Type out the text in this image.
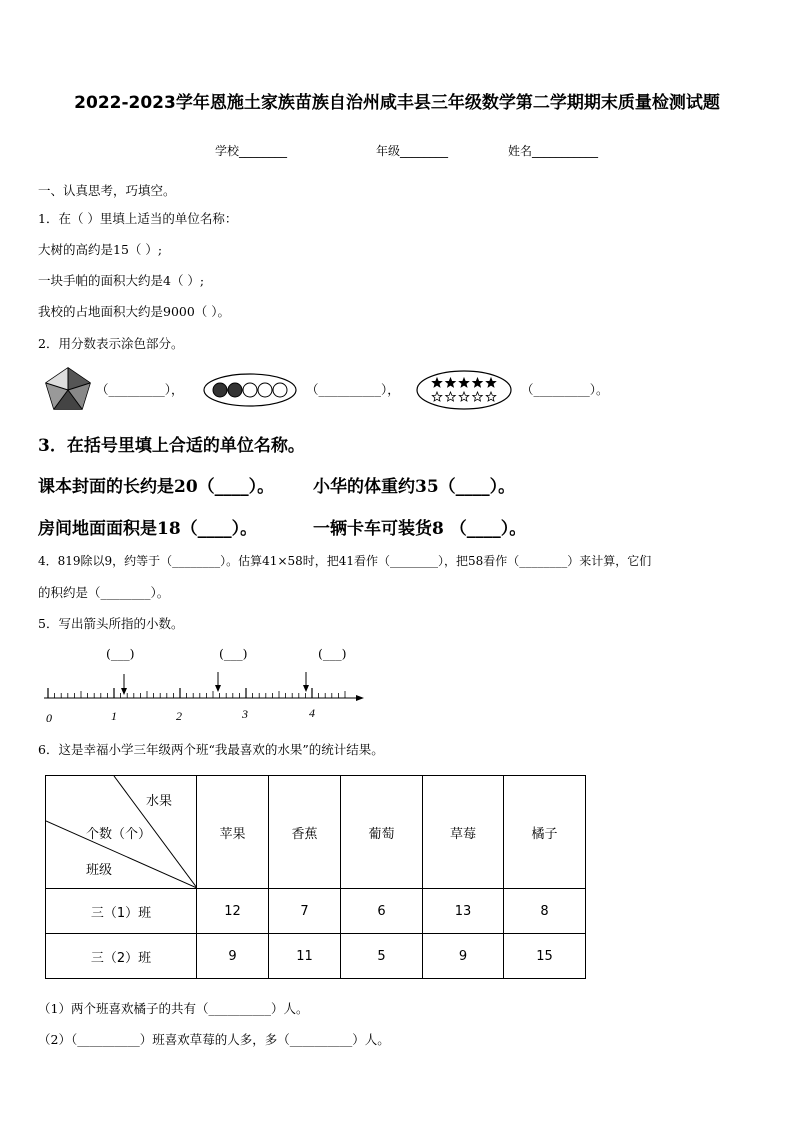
2022-2023学年恩施土家族苗族自治州咸丰县三年级数学第二学期期末质量检测试题
学校________	年级________	姓名___________
一、认真思考，巧填空。
1．在（ ）里填上适当的单位名称：
大树的高约是15（ ）;
一块手帕的面积大约是4（ ）;
我校的占地面积大约是9000（ ）。
2．用分数表示涂色部分。
（_________），	（__________），	（_________）。
3．在括号里填上合适的单位名称。
课本封面的长约是20（____）。 小华的体重约35（____）。
房间地面面积是18（____）。	一辆卡车可装货8 （____）。
4．819除以9，约等于（________）。估算41×58时，把41看作（________），把58看作（________）来计算，它们
的积约是（________）。
5．写出箭头所指的小数。
(___)	(___)	(___)
0	1	2	3	4
6．这是幸福小学三年级两个班“我最喜欢的水果”的统计结果。
水果
个数（个）
班级	苹果	香蕉	葡萄	草莓	橘子
三（1）班	12	7	6	13	8
三（2）班	9	11	5	9	15
（1）两个班喜欢橘子的共有（__________）人。
（2）（__________）班喜欢草莓的人多，多（__________）人。
